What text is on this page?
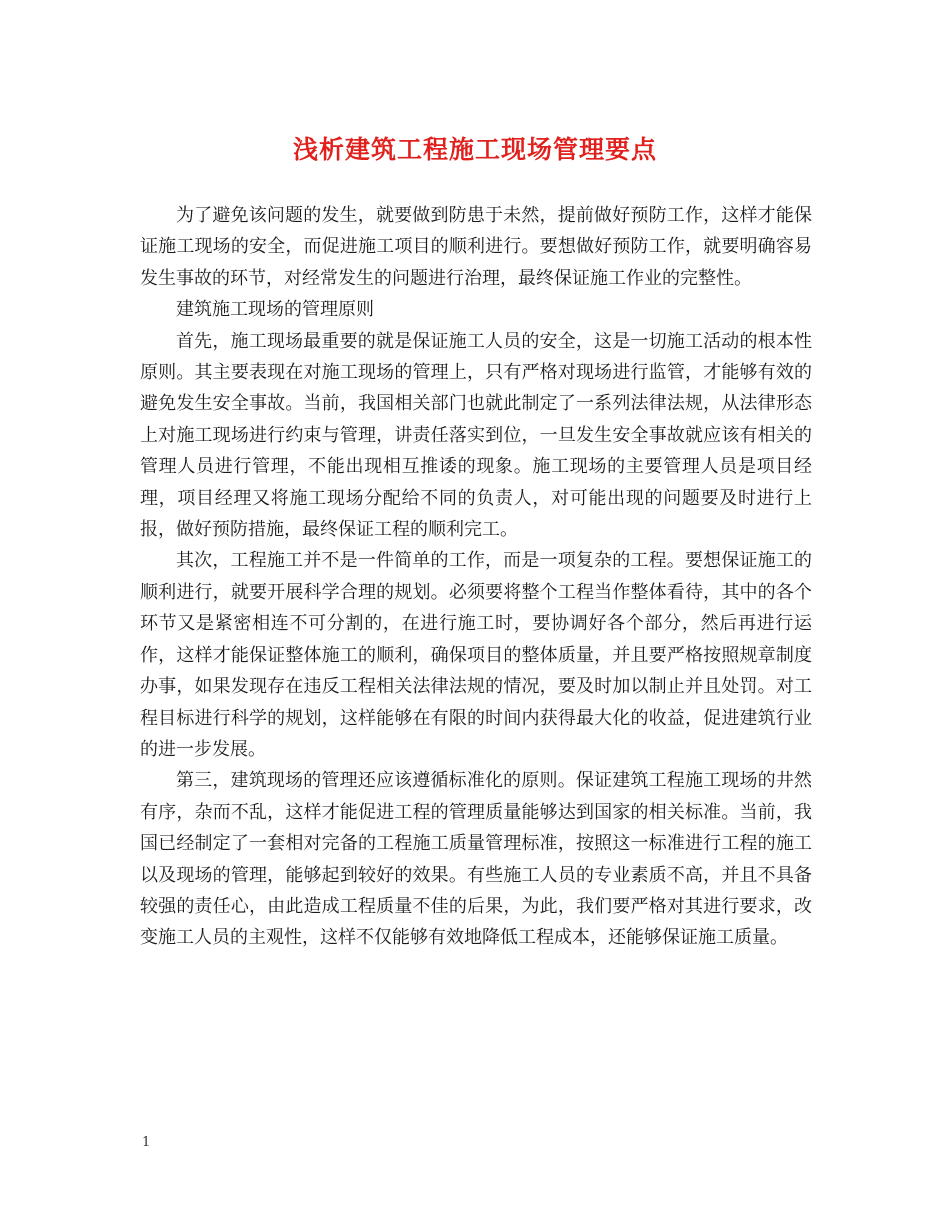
浅析建筑工程施工现场管理要点

为了避免该问题的发生，就要做到防患于未然，提前做好预防工作，这样才能保证施工现场的安全，而促进施工项目的顺利进行。要想做好预防工作，就要明确容易发生事故的环节，对经常发生的问题进行治理，最终保证施工作业的完整性。

建筑施工现场的管理原则

首先，施工现场最重要的就是保证施工人员的安全，这是一切施工活动的根本性原则。其主要表现在对施工现场的管理上，只有严格对现场进行监管，才能够有效的避免发生安全事故。当前，我国相关部门也就此制定了一系列法律法规，从法律形态上对施工现场进行约束与管理，讲责任落实到位，一旦发生安全事故就应该有相关的管理人员进行管理，不能出现相互推诿的现象。施工现场的主要管理人员是项目经理，项目经理又将施工现场分配给不同的负责人，对可能出现的问题要及时进行上报，做好预防措施，最终保证工程的顺利完工。

其次，工程施工并不是一件简单的工作，而是一项复杂的工程。要想保证施工的顺利进行，就要开展科学合理的规划。必须要将整个工程当作整体看待，其中的各个环节又是紧密相连不可分割的，在进行施工时，要协调好各个部分，然后再进行运作，这样才能保证整体施工的顺利，确保项目的整体质量，并且要严格按照规章制度办事，如果发现存在违反工程相关法律法规的情况，要及时加以制止并且处罚。对工程目标进行科学的规划，这样能够在有限的时间内获得最大化的收益，促进建筑行业的进一步发展。

第三，建筑现场的管理还应该遵循标准化的原则。保证建筑工程施工现场的井然有序，杂而不乱，这样才能促进工程的管理质量能够达到国家的相关标准。当前，我国已经制定了一套相对完备的工程施工质量管理标准，按照这一标准进行工程的施工以及现场的管理，能够起到较好的效果。有些施工人员的专业素质不高，并且不具备较强的责任心，由此造成工程质量不佳的后果，为此，我们要严格对其进行要求，改变施工人员的主观性，这样不仅能够有效地降低工程成本，还能够保证施工质量。

1
